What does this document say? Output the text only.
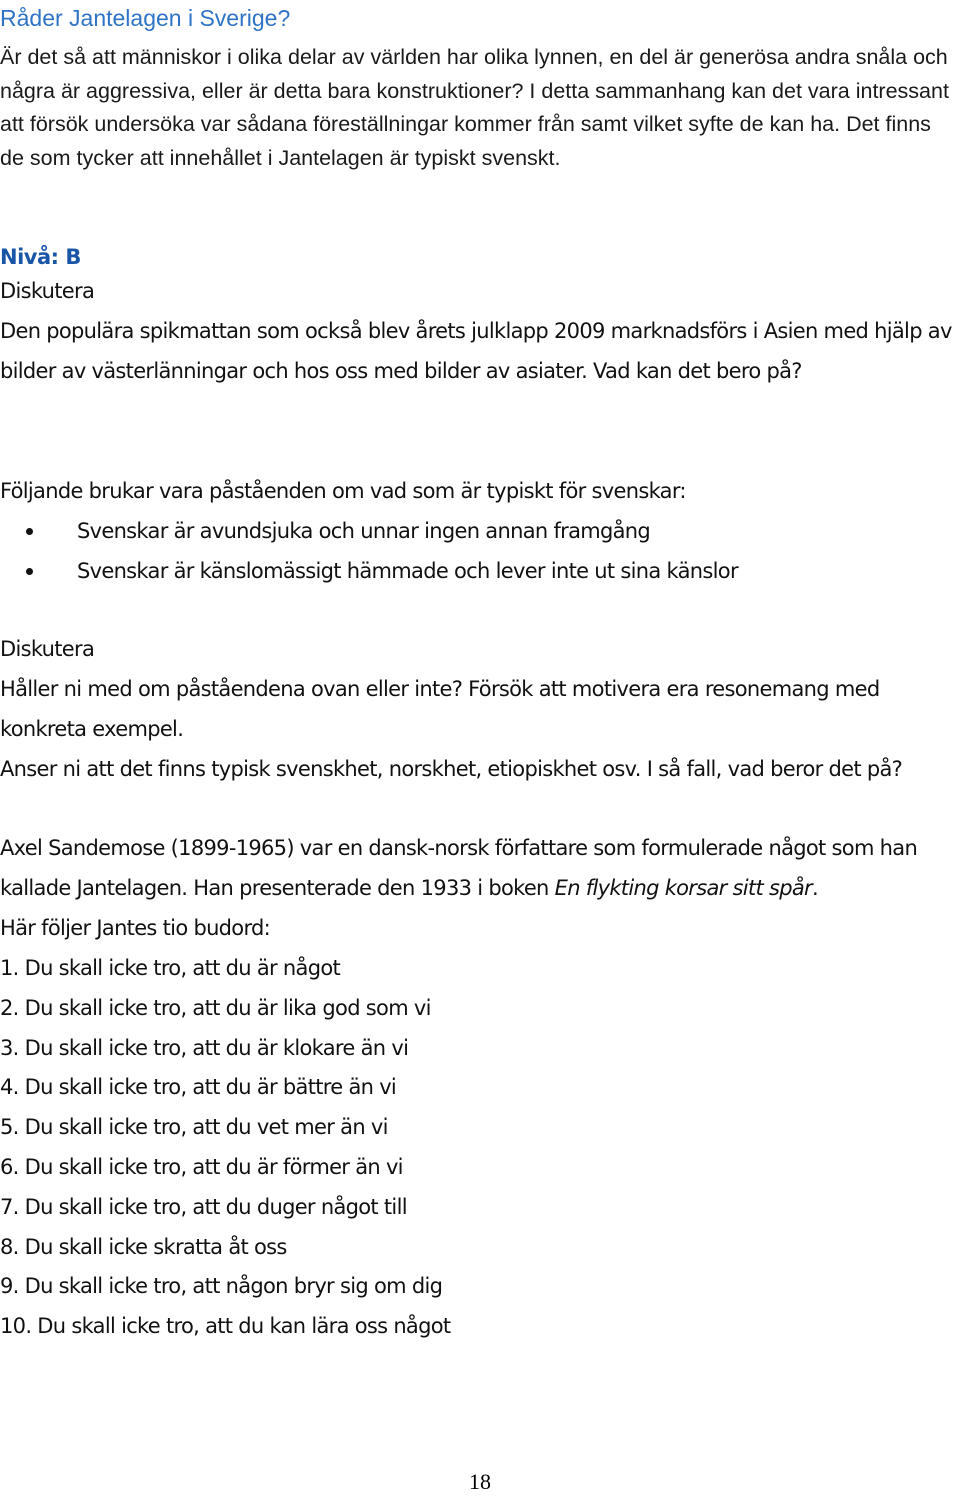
Råder Jantelagen i Sverige?

Är det så att människor i olika delar av världen har olika lynnen, en del är generösa andra snåla och några är aggressiva, eller är detta bara konstruktioner? I detta sammanhang kan det vara intressant att försök undersöka var sådana föreställningar kommer från samt vilket syfte de kan ha. Det finns de som tycker att innehållet i Jantelagen är typiskt svenskt.

Nivå: B

Diskutera

Den populära spikmattan som också blev årets julklapp 2009 marknadsförs i Asien med hjälp av bilder av västerlänningar och hos oss med bilder av asiater. Vad kan det bero på?

Följande brukar vara påståenden om vad som är typiskt för svenskar:

Svenskar är avundsjuka och unnar ingen annan framgång
Svenskar är känslomässigt hämmade och lever inte ut sina känslor

Diskutera

Håller ni med om påståendena ovan eller inte? Försök att motivera era resonemang med konkreta exempel.

Anser ni att det finns typisk svenskhet, norskhet, etiopiskhet osv. I så fall, vad beror det på?

Axel Sandemose (1899-1965) var en dansk-norsk författare som formulerade något som han kallade Jantelagen. Han presenterade den 1933 i boken En flykting korsar sitt spår.
Här följer Jantes tio budord:

1. Du skall icke tro, att du är något
2. Du skall icke tro, att du är lika god som vi
3. Du skall icke tro, att du är klokare än vi
4. Du skall icke tro, att du är bättre än vi
5. Du skall icke tro, att du vet mer än vi
6. Du skall icke tro, att du är förmer än vi
7. Du skall icke tro, att du duger något till
8. Du skall icke skratta åt oss
9. Du skall icke tro, att någon bryr sig om dig
10. Du skall icke tro, att du kan lära oss något
18
